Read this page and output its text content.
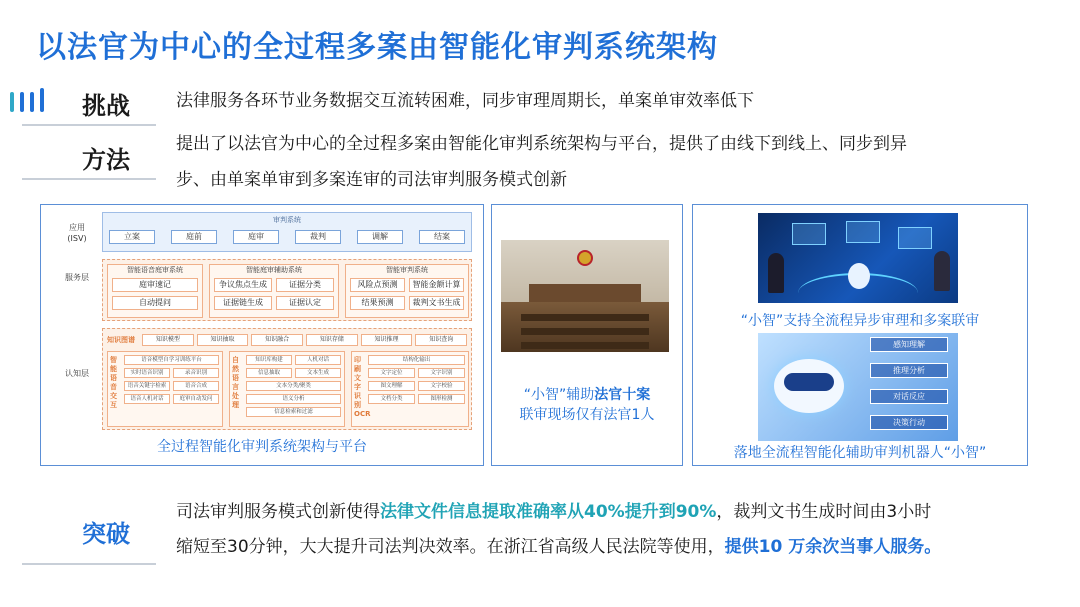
以法官为中心的全过程多案由智能化审判系统架构
挑战	法律服务各环节业务数据交互流转困难，同步审理周期长，单案单审效率低下
方法
提出了以法官为中心的全过程多案由智能化审判系统架构与平台，提供了由线下到线上、同步到异
步、由单案单审到多案连审的司法审判服务模式创新
应用
(ISV)
服务层
认知层
审判系统
立案	庭前	庭审	裁判	调解	结案
智能语音庭审系统
庭审速记
自动提问
智能庭审辅助系统
争议焦点生成	证据分类
证据链生成	证据认定
智能审判系统
风险点预测	智能金额计算
结果预测	裁判文书生成
知识图谱	知识模型	知识抽取	知识融合	知识存储	知识推理	知识查询
智能语音交互
语音模型自学习训练平台
实时语音识别	录音识别
语音关键字检索	语音合成
语音人机对话	庭审自动发问
自然语言处理
知识库构建	人机对话
信息抽取	文本生成
文本分类/聚类
语义分析
信息检索和过滤
印刷文字识别OCR
结构化输出
文字定位	文字识别
图文理解	文字校验
文档分类	图形检测
全过程智能化审判系统架构与平台
“小智”辅助法官十案
联审现场仅有法官1人
“小智”支持全流程异步审理和多案联审
感知理解
推理分析
对话反应
决策行动
落地全流程智能化辅助审判机器人“小智”
突破
司法审判服务模式创新使得法律文件信息提取准确率从40%提升到90%，裁判文书生成时间由3小时
缩短至30分钟，大大提升司法判决效率。在浙江省高级人民法院等使用，提供10 万余次当事人服务。
